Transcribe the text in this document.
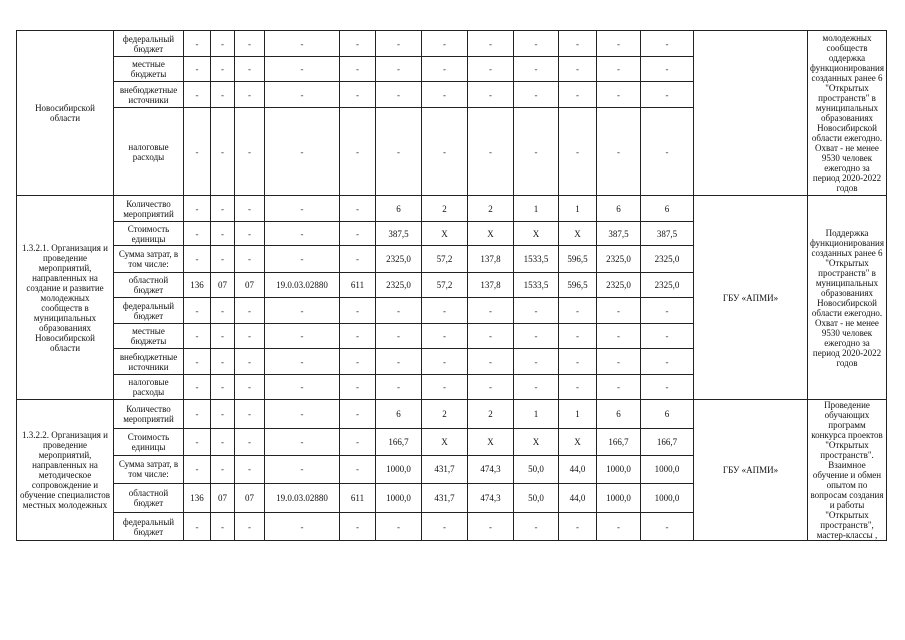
Новосибирской области	федеральный бюджет	-	-	-	-	-	-	-	-	-	-	-	-		молодежных сообществ оддержка функционирования созданных ранее 6 "Открытых пространств" в муниципальных образованиях Новосибирской области ежегодно. Охват - не менее 9530 человек ежегодно за период 2020-2022 годов
	местные бюджеты	-	-	-	-	-	-	-	-	-	-	-	-		
	внебюджетные источники	-	-	-	-	-	-	-	-	-	-	-	-		
	налоговые расходы	-	-	-	-	-	-	-	-	-	-	-	-		
1.3.2.1. Организация и проведение мероприятий, направленных на создание и развитие молодежных сообществ в муниципальных образованиях Новосибирской области	Количество мероприятий	-	-	-	-	-	6	2	2	1	1	6	6	ГБУ «АПМИ»	Поддержка функционирования созданных ранее 6 "Открытых пространств" в муниципальных образованиях Новосибирской области ежегодно. Охват - не менее 9530 человек ежегодно за период 2020-2022 годов
	Стоимость единицы	-	-	-	-	-	387,5	X	X	X	X	387,5	387,5		
	Сумма затрат, в том числе:	-	-	-	-	-	2325,0	57,2	137,8	1533,5	596,5	2325,0	2325,0		
	областной бюджет	136	07	07	19.0.03.02880	611	2325,0	57,2	137,8	1533,5	596,5	2325,0	2325,0		
	федеральный бюджет	-	-	-	-	-	-	-	-	-	-	-	-		
	местные бюджеты	-	-	-	-	-	-	-	-	-	-	-	-		
	внебюджетные источники	-	-	-	-	-	-	-	-	-	-	-	-		
	налоговые расходы	-	-	-	-	-	-	-	-	-	-	-	-		
1.3.2.2. Организация и проведение мероприятий, направленных на методическое сопровождение и обучение специалистов местных молодежных	Количество мероприятий	-	-	-	-	-	6	2	2	1	1	6	6	ГБУ «АПМИ»	Проведение обучающих программ конкурса проектов "Открытых пространств". Взаимное обучение и обмен опытом по вопросам создания и работы "Открытых пространств", мастер-классы ,
	Стоимость единицы	-	-	-	-	-	166,7	X	X	X	X	166,7	166,7		
	Сумма затрат, в том числе:	-	-	-	-	-	1000,0	431,7	474,3	50,0	44,0	1000,0	1000,0		
	областной бюджет	136	07	07	19.0.03.02880	611	1000,0	431,7	474,3	50,0	44,0	1000,0	1000,0		
	федеральный бюджет	-	-	-	-	-	-	-	-	-	-	-	-		
